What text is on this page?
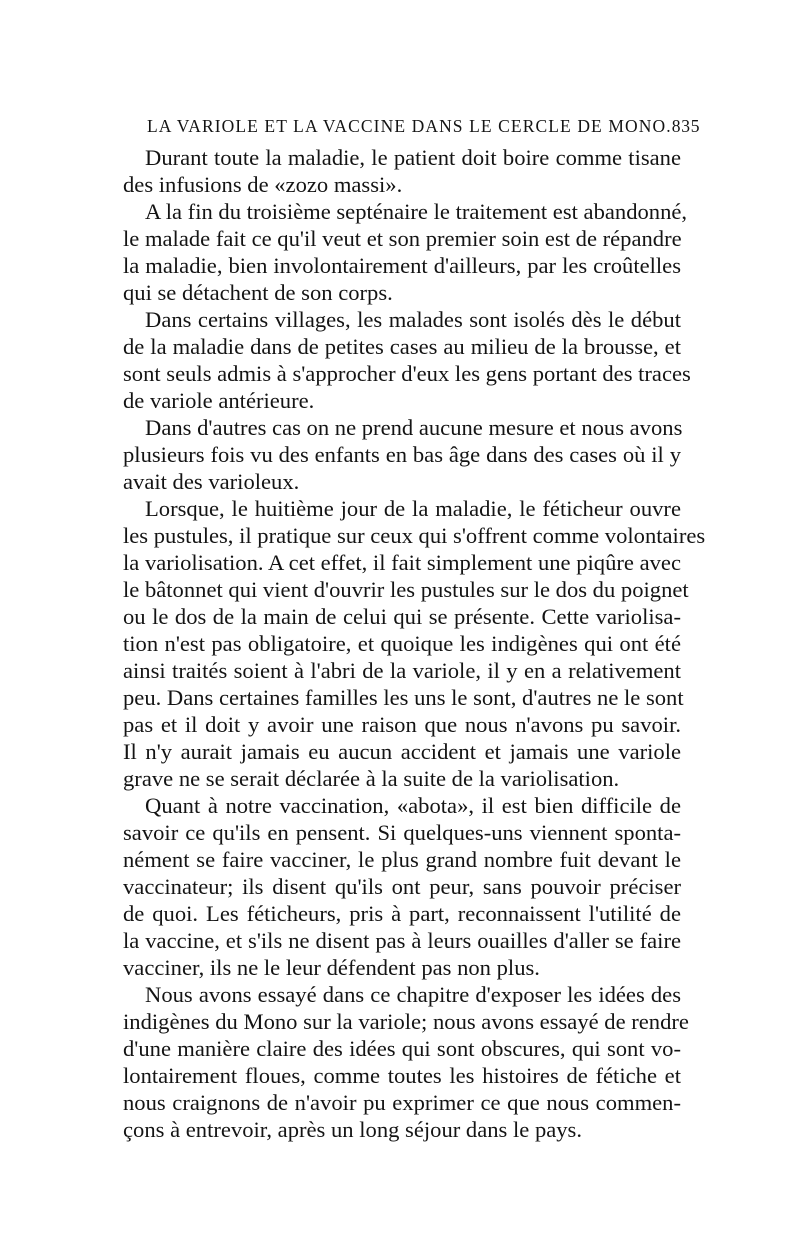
LA VARIOLE ET LA VACCINE DANS LE CERCLE DE MONO. 835
Durant toute la maladie, le patient doit boire comme tisane
des infusions de «zozo massi».
A la fin du troisième septénaire le traitement est abandonné,
le malade fait ce qu'il veut et son premier soin est de répandre
la maladie, bien involontairement d'ailleurs, par les croûtelles
qui se détachent de son corps.
Dans certains villages, les malades sont isolés dès le début
de la maladie dans de petites cases au milieu de la brousse, et
sont seuls admis à s'approcher d'eux les gens portant des traces
de variole antérieure.
Dans d'autres cas on ne prend aucune mesure et nous avons
plusieurs fois vu des enfants en bas âge dans des cases où il y
avait des varioleux.
Lorsque, le huitième jour de la maladie, le féticheur ouvre
les pustules, il pratique sur ceux qui s'offrent comme volontaires
la variolisation. A cet effet, il fait simplement une piqûre avec
le bâtonnet qui vient d'ouvrir les pustules sur le dos du poignet
ou le dos de la main de celui qui se présente. Cette variolisa-
tion n'est pas obligatoire, et quoique les indigènes qui ont été
ainsi traités soient à l'abri de la variole, il y en a relativement
peu. Dans certaines familles les uns le sont, d'autres ne le sont
pas et il doit y avoir une raison que nous n'avons pu savoir.
Il n'y aurait jamais eu aucun accident et jamais une variole
grave ne se serait déclarée à la suite de la variolisation.
Quant à notre vaccination, «abota», il est bien difficile de
savoir ce qu'ils en pensent. Si quelques-uns viennent sponta-
nément se faire vacciner, le plus grand nombre fuit devant le
vaccinateur; ils disent qu'ils ont peur, sans pouvoir préciser
de quoi. Les féticheurs, pris à part, reconnaissent l'utilité de
la vaccine, et s'ils ne disent pas à leurs ouailles d'aller se faire
vacciner, ils ne le leur défendent pas non plus.
Nous avons essayé dans ce chapitre d'exposer les idées des
indigènes du Mono sur la variole; nous avons essayé de rendre
d'une manière claire des idées qui sont obscures, qui sont vo-
lontairement floues, comme toutes les histoires de fétiche et
nous craignons de n'avoir pu exprimer ce que nous commen-
çons à entrevoir, après un long séjour dans le pays.
